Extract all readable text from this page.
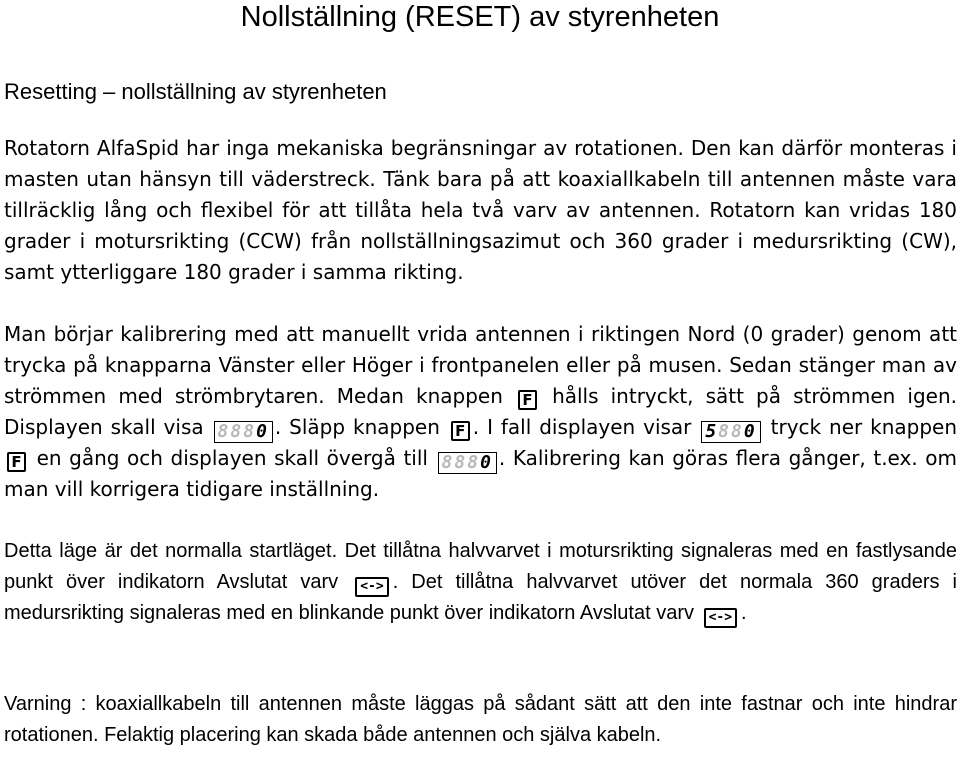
Nollställning (RESET) av styrenheten
Resetting – nollställning av styrenheten

Rotatorn AlfaSpid har inga mekaniska begränsningar av rotationen. Den kan därför monteras i masten utan hänsyn till väderstreck. Tänk bara på att koaxiallkabeln till antennen måste vara tillräcklig lång och flexibel för att tillåta hela två varv av antennen. Rotatorn kan vridas 180 grader i motursrikting (CCW) från nollställningsazimut och 360 grader i medursrikting (CW), samt ytterliggare 180 grader i samma rikting.

Man börjar kalibrering med att manuellt vrida antennen i riktingen Nord (0 grader) genom att trycka på knapparna Vänster eller Höger i frontpanelen eller på musen. Sedan stänger man av strömmen med strömbrytaren. Medan knappen F hålls intryckt, sätt på strömmen igen. Displayen skall visa 8880 . Släpp knappen F . I fall displayen visar 5880 tryck ner knappen F en gång och displayen skall övergå till 8880 . Kalibrering kan göras flera gånger, t.ex. om man vill korrigera tidigare inställning.

Detta läge är det normalla startläget. Det tillåtna halvvarvet i motursrikting signaleras med en fastlysande punkt över indikatorn Avslutat varv <-> . Det tillåtna halvvarvet utöver det normala 360 graders i medursrikting signaleras med en blinkande punkt över indikatorn Avslutat varv <-> .

Varning : koaxiallkabeln till antennen måste läggas på sådant sätt att den inte fastnar och inte hindrar rotationen. Felaktig placering kan skada både antennen och själva kabeln.
